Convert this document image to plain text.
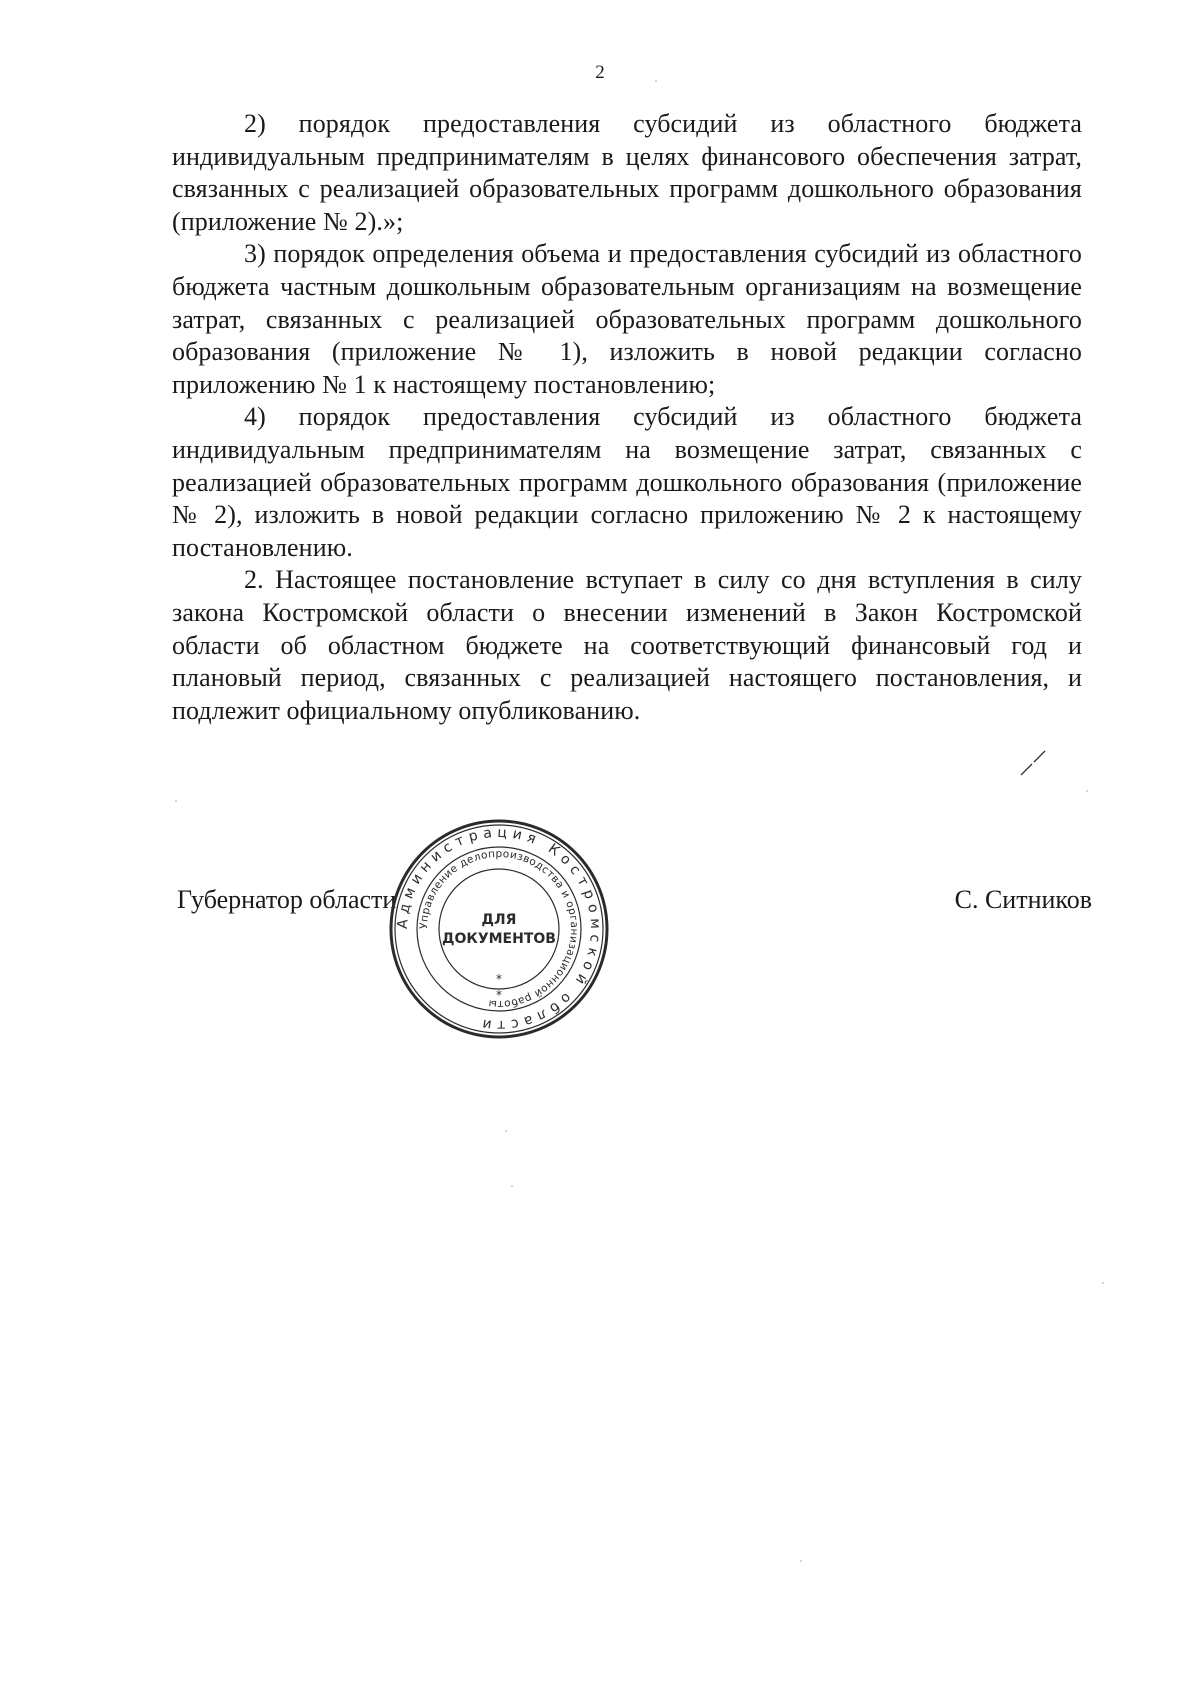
2

2) порядок предоставления субсидий из областного бюджета индивидуальным предпринимателям в целях финансового обеспечения затрат, связанных с реализацией образовательных программ дошкольного образования (приложение № 2).»;

3) порядок определения объема и предоставления субсидий из областного бюджета частным дошкольным образовательным организациям на возмещение затрат, связанных с реализацией образовательных программ дошкольного образования (приложение № 1), изложить в новой редакции согласно приложению № 1 к настоящему постановлению;

4) порядок предоставления субсидий из областного бюджета индивидуальным предпринимателям на возмещение затрат, связанных с реализацией образовательных программ дошкольного образования (приложение № 2), изложить в новой редакции согласно приложению № 2 к настоящему постановлению.

2. Настоящее постановление вступает в силу со дня вступления в силу закона Костромской области о внесении изменений в Закон Костромской области об областном бюджете на соответствующий финансовый год и плановый период, связанных с реализацией настоящего постановления, и подлежит официальному опубликованию.

Губернатор области	С. Ситников
Администрация Костромской области
Управление делопроизводства и организационной работы
ДЛЯ
ДОКУМЕНТОВ
*
*
